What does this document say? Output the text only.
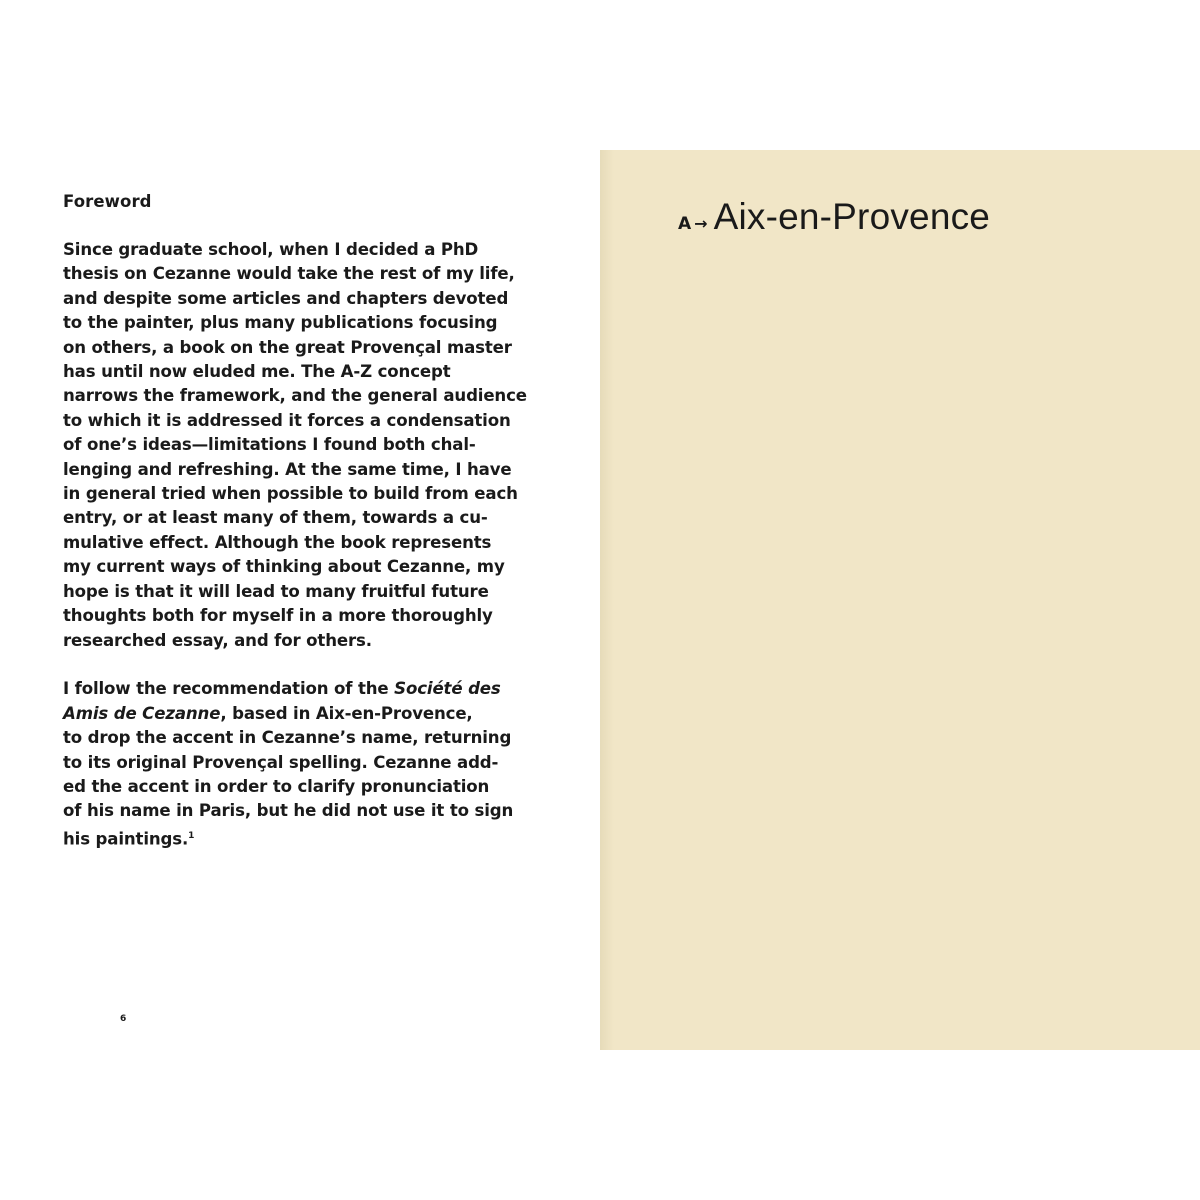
Foreword

Since graduate school, when I decided a PhD
thesis on Cezanne would take the rest of my life,
and despite some articles and chapters devoted
to the painter, plus many publications focusing
on others, a book on the great Provençal master
has until now eluded me. The A-Z concept
narrows the framework, and the general audience
to which it is addressed it forces a condensation
of one’s ideas—limitations I found both chal-
lenging and refreshing. At the same time, I have
in general tried when possible to build from each
entry, or at least many of them, towards a cu-
mulative effect. Although the book represents
my current ways of thinking about Cezanne, my
hope is that it will lead to many fruitful future
thoughts both for myself in a more thoroughly
researched essay, and for others.

I follow the recommendation of the Société des
Amis de Cezanne, based in Aix-en-Provence,
to drop the accent in Cezanne’s name, returning
to its original Provençal spelling. Cezanne add-
ed the accent in order to clarify pronunciation
of his name in Paris, but he did not use it to sign
his paintings.$^1$

6
A → Aix-en-Provence
